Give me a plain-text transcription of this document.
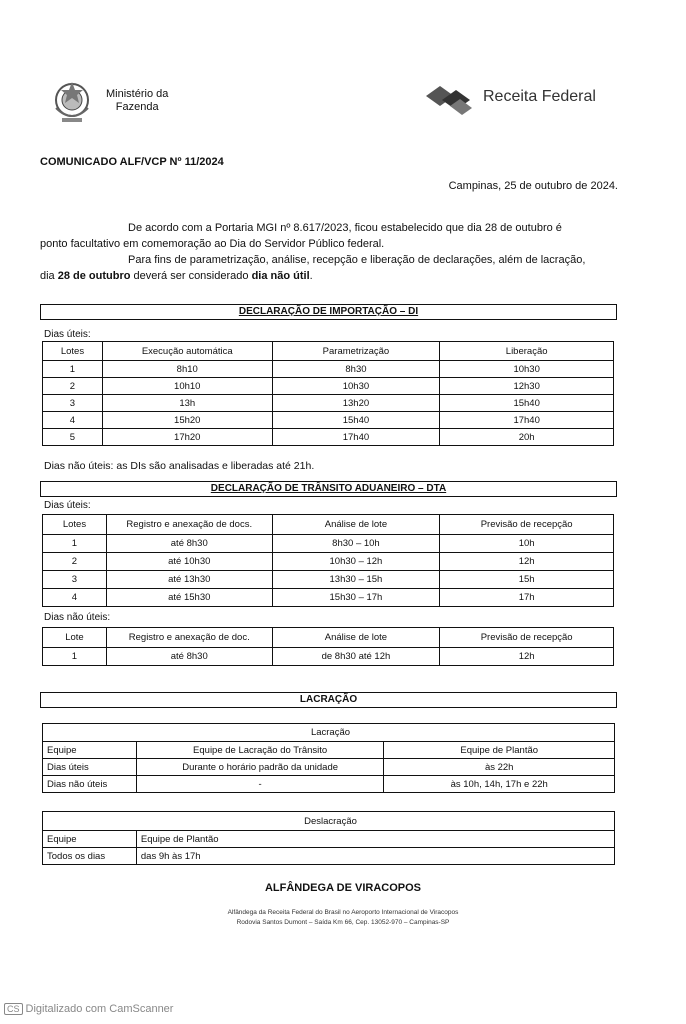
Ministério da
Fazenda
Receita Federal
COMUNICADO ALF/VCP Nº 11/2024
Campinas, 25 de outubro de 2024.
De acordo com a Portaria MGI nº 8.617/2023, ficou estabelecido que dia 28 de outubro é
ponto facultativo em comemoração ao Dia do Servidor Público federal.
Para fins de parametrização, análise, recepção e liberação de declarações, além de lacração,
dia 28 de outubro deverá ser considerado dia não útil.
DECLARAÇÃO DE IMPORTAÇÃO – DI
Dias úteis:
Lotes	Execução automática	Parametrização	Liberação
1	8h10	8h30	10h30
2	10h10	10h30	12h30
3	13h	13h20	15h40
4	15h20	15h40	17h40
5	17h20	17h40	20h
Dias não úteis: as DIs são analisadas e liberadas até 21h.
DECLARAÇÃO DE TRÂNSITO ADUANEIRO – DTA
Dias úteis:
Lotes	Registro e anexação de docs.	Análise de lote	Previsão de recepção
1	até 8h30	8h30 – 10h	10h
2	até 10h30	10h30 – 12h	12h
3	até 13h30	13h30 – 15h	15h
4	até 15h30	15h30 – 17h	17h
Dias não úteis:
Lote	Registro e anexação de doc.	Análise de lote	Previsão de recepção
1	até 8h30	de 8h30 até 12h	12h
LACRAÇÃO
Lacração		
Equipe	Equipe de Lacração do Trânsito	Equipe de Plantão
Dias úteis	Durante o horário padrão da unidade	às 22h
Dias não úteis	-	às 10h, 14h, 17h e 22h
Deslacração	
Equipe	Equipe de Plantão
Todos os dias	das 9h às 17h
ALFÂNDEGA DE VIRACOPOS
Alfândega da Receita Federal do Brasil no Aeroporto Internacional de Viracopos
Rodovia Santos Dumont – Saída Km 66, Cep. 13052-970 – Campinas-SP
CS Digitalizado com CamScanner
